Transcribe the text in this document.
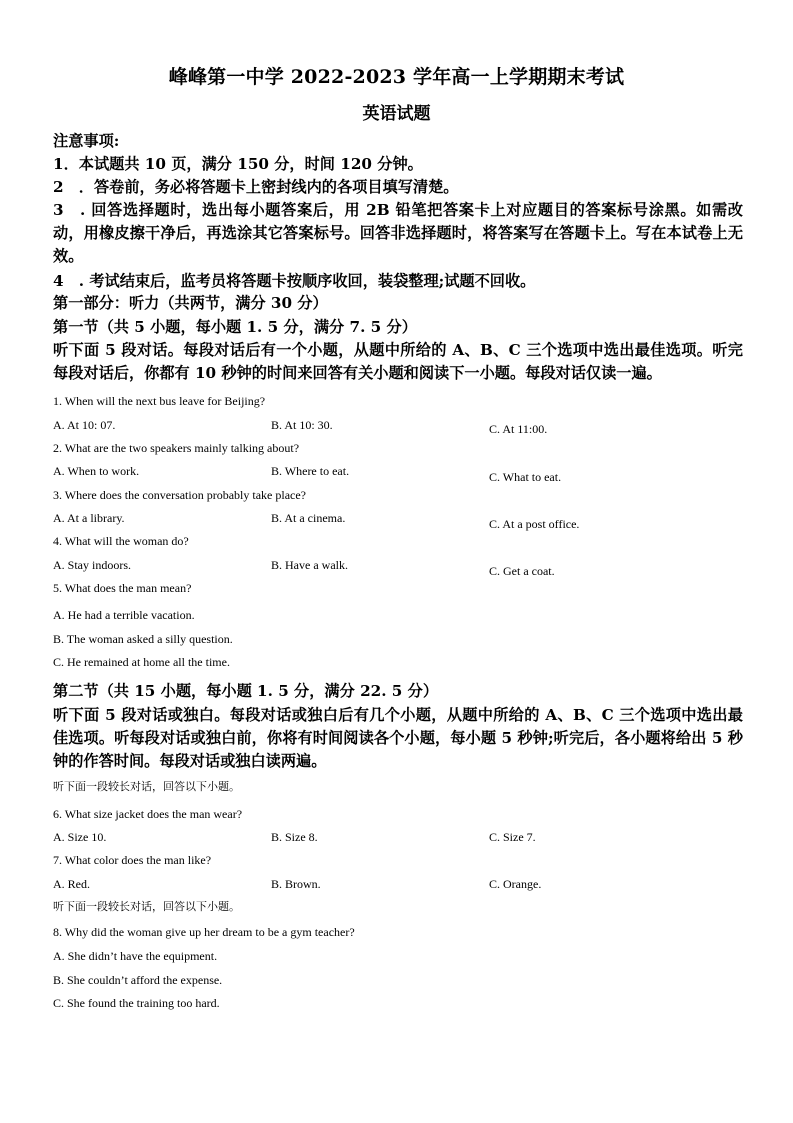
峰峰第一中学 2022-2023 学年高一上学期期末考试
英语试题
注意事项:
1．本试题共 10 页，满分 150 分，时间 120 分钟。
2　．答卷前，务必将答题卡上密封线内的各项目填写清楚。
3　. 回答选择题时，选出每小题答案后，用 2B 铅笔把答案卡上对应题目的答案标号涂黑。如需改动，用橡皮擦干净后，再选涂其它答案标号。回答非选择题时，将答案写在答题卡上。写在本试卷上无效。
4　. 考试结束后，监考员将答题卡按顺序收回，装袋整理;试题不回收。
第一部分：听力（共两节，满分 30 分）
第一节（共 5 小题，每小题 1. 5 分，满分 7. 5 分）
听下面 5 段对话。每段对话后有一个小题，从题中所给的 A、B、C 三个选项中选出最佳选项。听完每段对话后，你都有 10 秒钟的时间来回答有关小题和阅读下一小题。每段对话仅读一遍。
1. When will the next bus leave for Beijing?
A. At 10: 07.	B. At 10: 30.	C. At 11:00.
2. What are the two speakers mainly talking about?
A. When to work.	B. Where to eat.	C. What to eat.
3. Where does the conversation probably take place?
A. At a library.	B. At a cinema.	C. At a post office.
4. What will the woman do?
A. Stay indoors.	B. Have a walk.	C. Get a coat.
5. What does the man mean?
A. He had a terrible vacation.
B. The woman asked a silly question.
C. He remained at home all the time.
第二节（共 15 小题，每小题 1. 5 分，满分 22. 5 分）
听下面 5 段对话或独白。每段对话或独白后有几个小题，从题中所给的 A、B、C 三个选项中选出最佳选项。听每段对话或独白前，你将有时间阅读各个小题，每小题 5 秒钟;听完后，各小题将给出 5 秒钟的作答时间。每段对话或独白读两遍。
听下面一段较长对话，回答以下小题。
6. What size jacket does the man wear?
A. Size 10.	B. Size 8.	C. Size 7.
7. What color does the man like?
A. Red.	B. Brown.	C. Orange.
听下面一段较长对话，回答以下小题。
8. Why did the woman give up her dream to be a gym teacher?
A. She didn’t have the equipment.
B. She couldn’t afford the expense.
C. She found the training too hard.
